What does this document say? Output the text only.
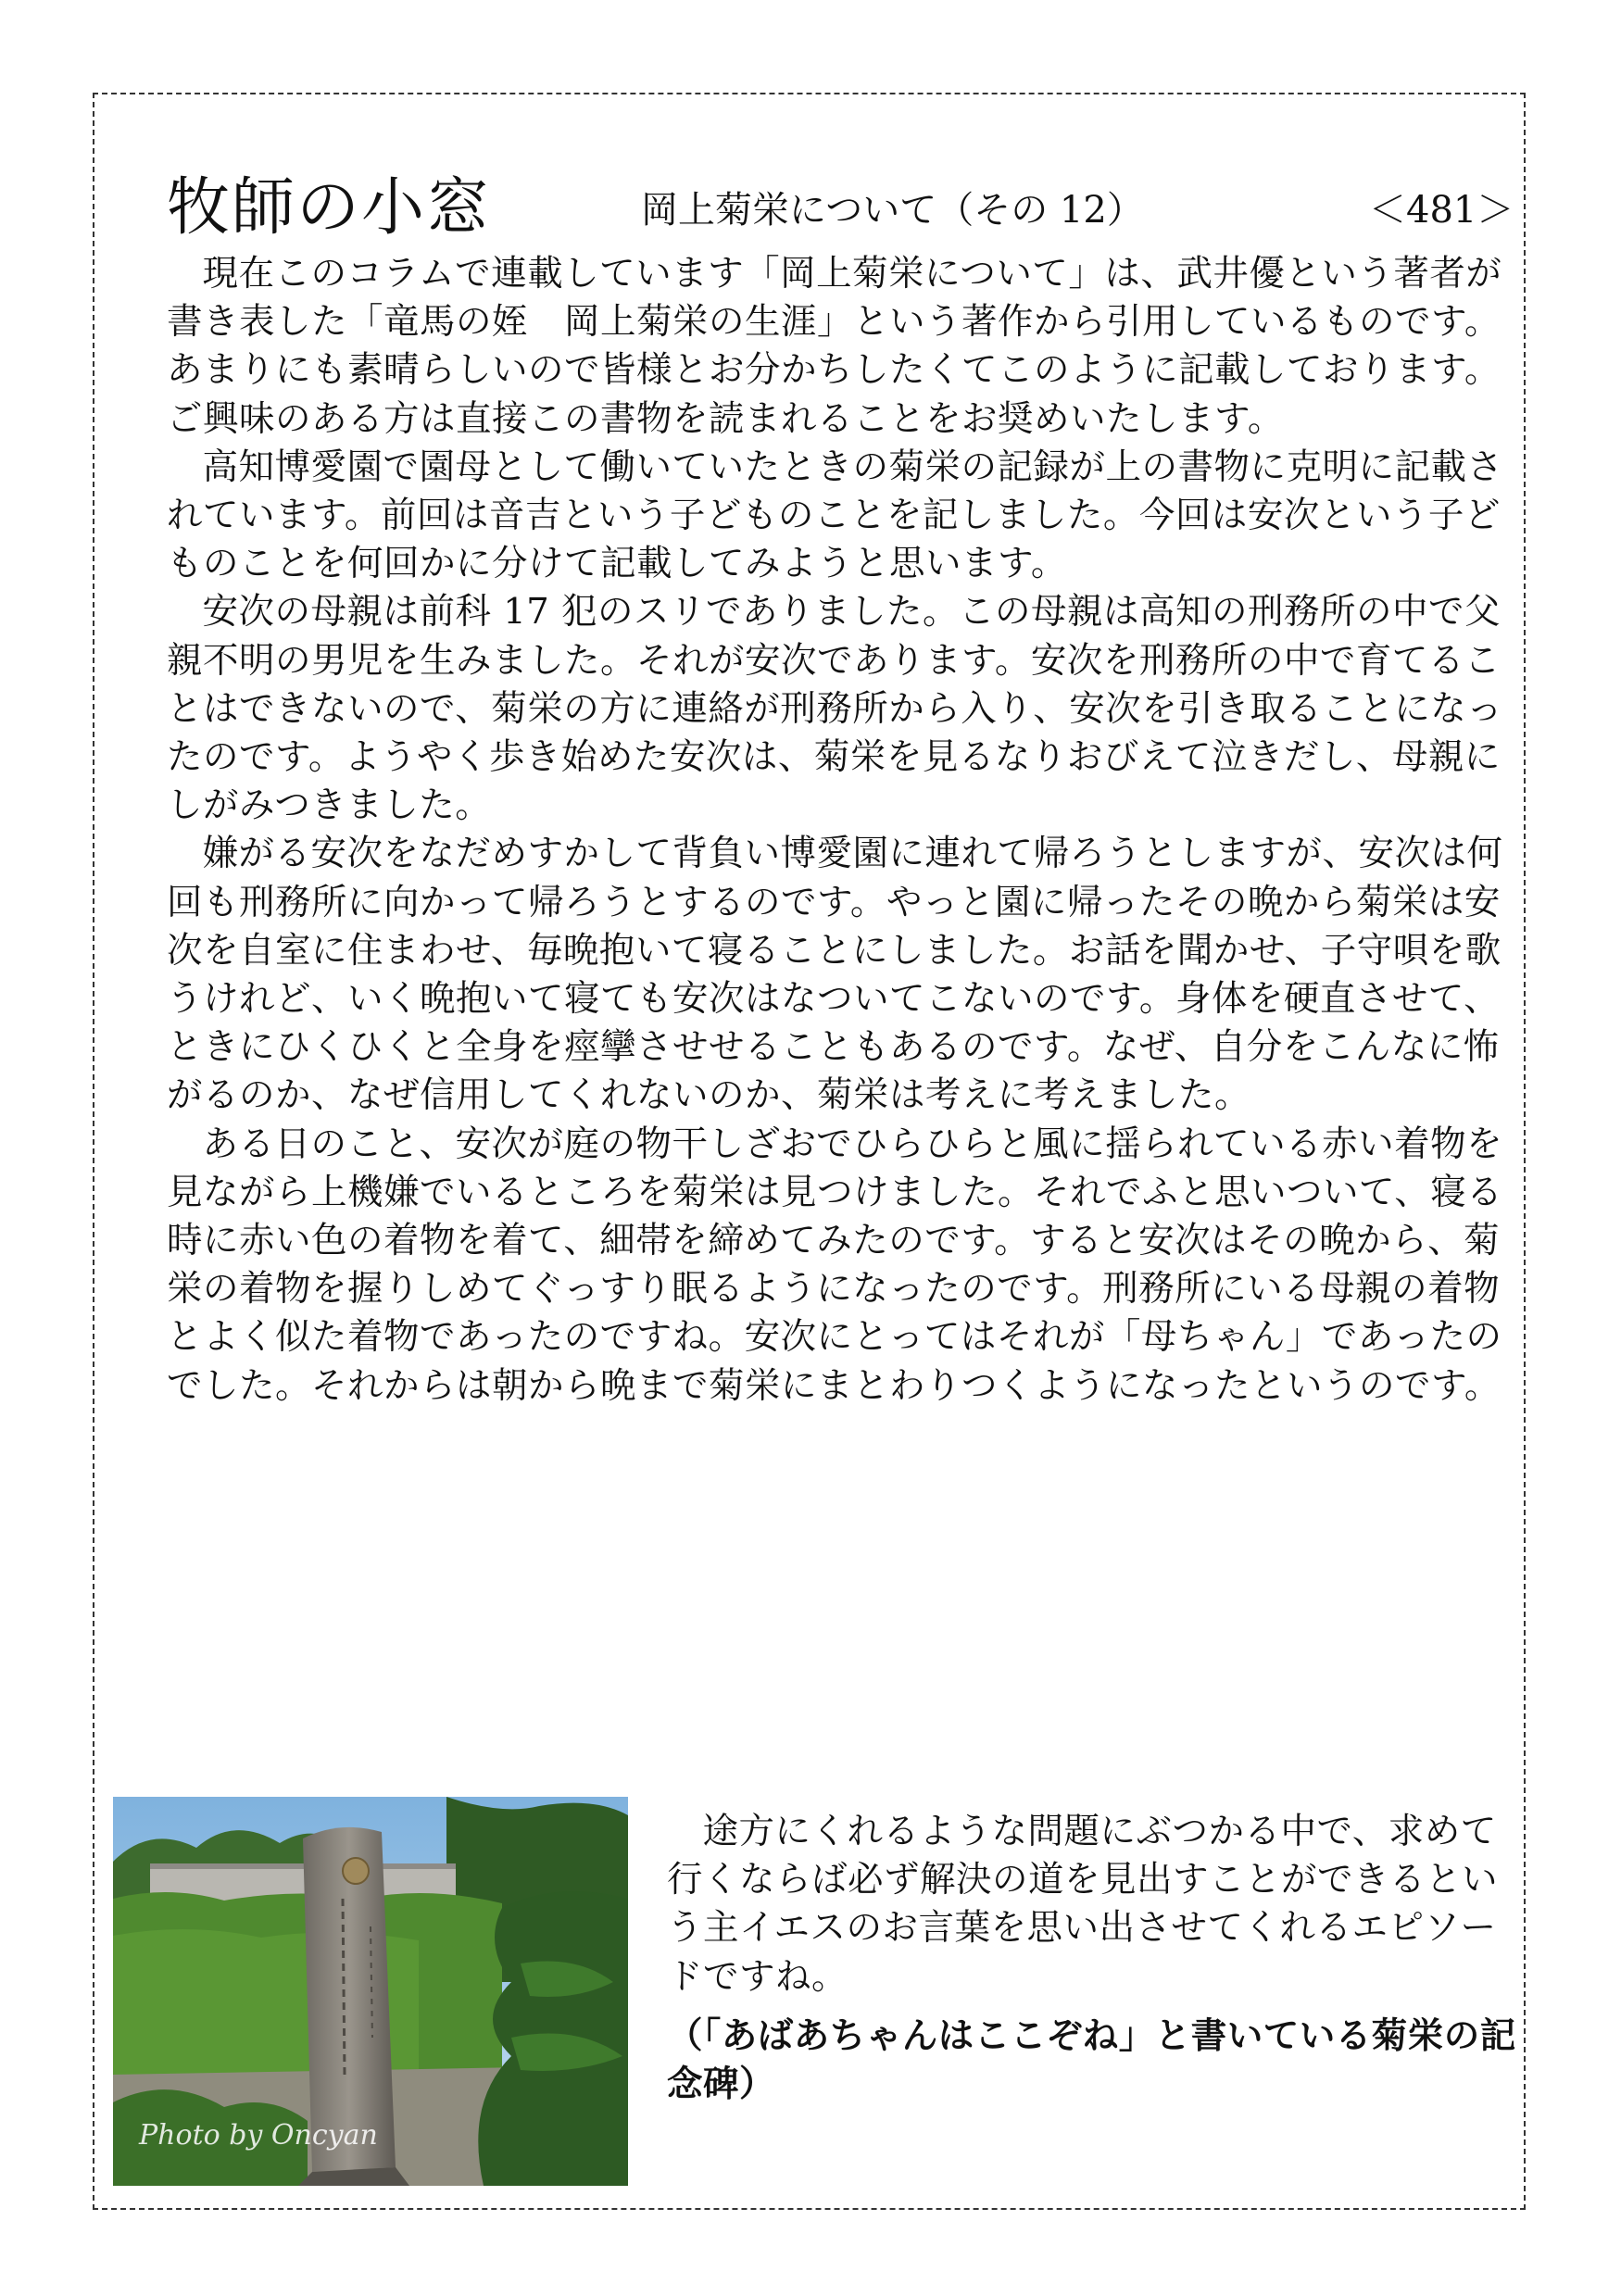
牧師の小窓	岡上菊栄について（その 12）	＜481＞

現在このコラムで連載しています「岡上菊栄について」は、武井優という著者が書き表した「竜馬の姪　岡上菊栄の生涯」という著作から引用しているものです。あまりにも素晴らしいので皆様とお分かちしたくてこのように記載しております。ご興味のある方は直接この書物を読まれることをお奨めいたします。

高知博愛園で園母として働いていたときの菊栄の記録が上の書物に克明に記載されています。前回は音吉という子どものことを記しました。今回は安次という子どものことを何回かに分けて記載してみようと思います。

安次の母親は前科 17 犯のスリでありました。この母親は高知の刑務所の中で父親不明の男児を生みました。それが安次であります。安次を刑務所の中で育てることはできないので、菊栄の方に連絡が刑務所から入り、安次を引き取ることになったのです。ようやく歩き始めた安次は、菊栄を見るなりおびえて泣きだし、母親にしがみつきました。

嫌がる安次をなだめすかして背負い博愛園に連れて帰ろうとしますが、安次は何回も刑務所に向かって帰ろうとするのです。やっと園に帰ったその晩から菊栄は安次を自室に住まわせ、毎晩抱いて寝ることにしました。お話を聞かせ、子守唄を歌うけれど、いく晩抱いて寝ても安次はなついてこないのです。身体を硬直させて、ときにひくひくと全身を痙攣させせることもあるのです。なぜ、自分をこんなに怖がるのか、なぜ信用してくれないのか、菊栄は考えに考えました。

ある日のこと、安次が庭の物干しざおでひらひらと風に揺られている赤い着物を見ながら上機嫌でいるところを菊栄は見つけました。それでふと思いついて、寝る時に赤い色の着物を着て、細帯を締めてみたのです。すると安次はその晩から、菊栄の着物を握りしめてぐっすり眠るようになったのです。刑務所にいる母親の着物とよく似た着物であったのですね。安次にとってはそれが「母ちゃん」であったのでした。それからは朝から晩まで菊栄にまとわりつくようになったというのです。

Photo by Oncyan

途方にくれるような問題にぶつかる中で、求めて行くならば必ず解決の道を見出すことができるという主イエスのお言葉を思い出させてくれるエピソードですね。

（「あばあちゃんはここぞね」と書いている菊栄の記念碑）
